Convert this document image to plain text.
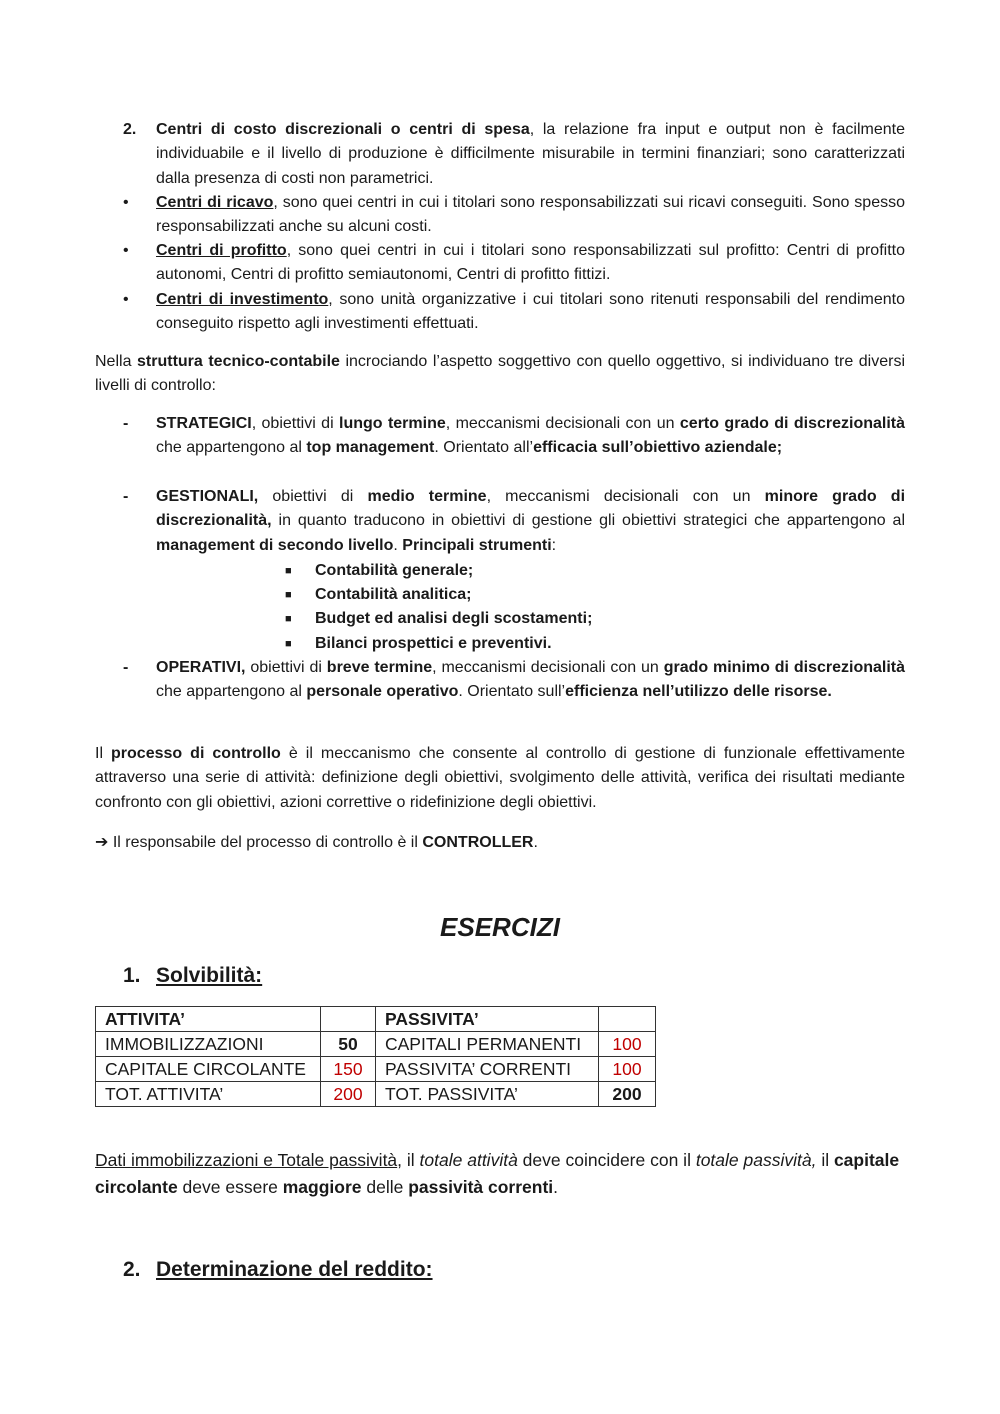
2.	Centri di costo discrezionali o centri di spesa, la relazione fra input e output non è facilmente individuabile e il livello di produzione è difficilmente misurabile in termini finanziari; sono caratterizzati dalla presenza di costi non parametrici.
•	Centri di ricavo, sono quei centri in cui i titolari sono responsabilizzati sui ricavi conseguiti. Sono spesso responsabilizzati anche su alcuni costi.
•	Centri di profitto, sono quei centri in cui i titolari sono responsabilizzati sul profitto: Centri di profitto autonomi, Centri di profitto semiautonomi, Centri di profitto fittizi.
•	Centri di investimento, sono unità organizzative i cui titolari sono ritenuti responsabili del rendimento conseguito rispetto agli investimenti effettuati.
Nella struttura tecnico-contabile incrociando l’aspetto soggettivo con quello oggettivo, si individuano tre diversi livelli di controllo:
-	STRATEGICI, obiettivi di lungo termine, meccanismi decisionali con un certo grado di discrezionalità che appartengono al top management. Orientato all’efficacia sull’obiettivo aziendale;
-	GESTIONALI, obiettivi di medio termine, meccanismi decisionali con un minore grado di discrezionalità, in quanto traducono in obiettivi di gestione gli obiettivi strategici che appartengono al management di secondo livello. Principali strumenti:
■ Contabilità generale;
■ Contabilità analitica;
■ Budget ed analisi degli scostamenti;
■ Bilanci prospettici e preventivi.
-	OPERATIVI, obiettivi di breve termine, meccanismi decisionali con un grado minimo di discrezionalità che appartengono al personale operativo. Orientato sull’efficienza nell’utilizzo delle risorse.
Il processo di controllo è il meccanismo che consente al controllo di gestione di funzionale effettivamente attraverso una serie di attività: definizione degli obiettivi, svolgimento delle attività, verifica dei risultati mediante confronto con gli obiettivi, azioni correttive o ridefinizione degli obiettivi.
➔ Il responsabile del processo di controllo è il CONTROLLER.
ESERCIZI
1. Solvibilità:
ATTIVITA’		PASSIVITA’	
IMMOBILIZZAZIONI	50	CAPITALI PERMANENTI	100
CAPITALE CIRCOLANTE	150	PASSIVITA’ CORRENTI	100
TOT. ATTIVITA’	200	TOT. PASSIVITA’	200
Dati immobilizzazioni e Totale passività, il totale attività deve coincidere con il totale passività, il capitale circolante deve essere maggiore delle passività correnti.
2. Determinazione del reddito:
